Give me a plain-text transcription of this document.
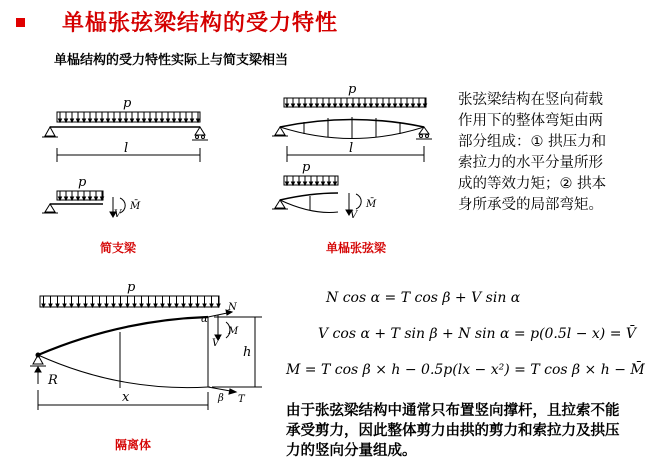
单榀张弦梁结构的受力特性
单榀结构的受力特性实际上与简支梁相当
p
l
p
V
M̄
p
l
p
V
M̄
p
R
x
h
N
α
V
M
β T
简支梁	单榀张弦梁
隔离体
张弦梁结构在竖向荷载作用下的整体弯矩由两部分组成：① 拱压力和索拉力的水平分量所形成的等效力矩；② 拱本身所承受的局部弯矩。
N cos α = T cos β + V sin α
V cos α + T sin β + N sin α = p(0.5l − x) = V̄
M = T cos β × h − 0.5p(lx − x²) = T cos β × h − M̄
由于张弦梁结构中通常只布置竖向撑杆，且拉索不能承受剪力，因此整体剪力由拱的剪力和索拉力及拱压力的竖向分量组成。
